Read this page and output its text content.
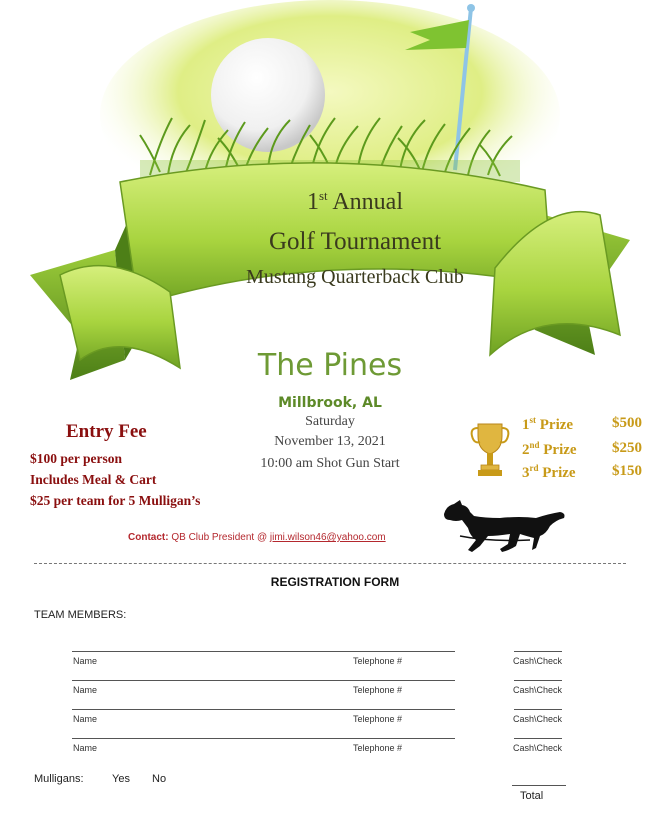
1st Annual
Golf Tournament
Mustang Quarterback Club
The Pines
Millbrook, AL
Saturday
November 13, 2021
10:00 am Shot Gun Start
Entry Fee
$100 per person
Includes Meal & Cart
$25 per team for 5 Mulligan’s
1st Prize	$500
2nd Prize $250
3rd Prize $150
Contact: QB Club President @ jimi.wilson46@yahoo.com
REGISTRATION FORM
TEAM MEMBERS:
Name	Telephone #	Cash\Check
Name	Telephone #	Cash\Check
Name	Telephone #	Cash\Check
Name	Telephone #	Cash\Check
Mulligans:	Yes No
Total
